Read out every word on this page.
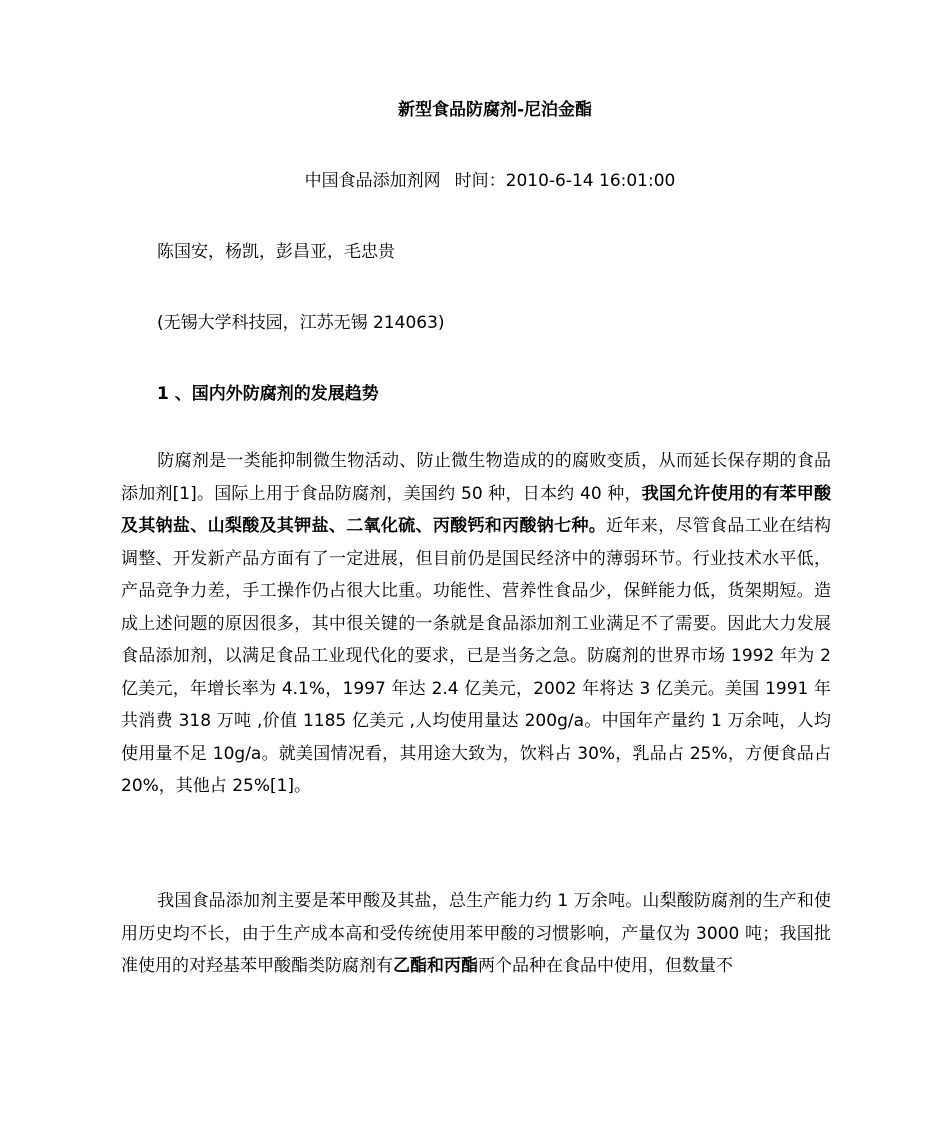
新型食品防腐剂-尼泊金酯
中国食品添加剂网 时间：2010-6-14 16:01:00
陈国安，杨凯，彭昌亚，毛忠贵
(无锡大学科技园，江苏无锡 214063)
1 、国内外防腐剂的发展趋势
防腐剂是一类能抑制微生物活动、防止微生物造成的的腐败变质，从而延长保存期的食品添加剂[1]。国际上用于食品防腐剂，美国约 50 种，日本约 40 种，我国允许使用的有苯甲酸及其钠盐、山梨酸及其钾盐、二氧化硫、丙酸钙和丙酸钠七种。近年来，尽管食品工业在结构调整、开发新产品方面有了一定进展，但目前仍是国民经济中的薄弱环节。行业技术水平低，产品竞争力差，手工操作仍占很大比重。功能性、营养性食品少，保鲜能力低，货架期短。造成上述问题的原因很多，其中很关键的一条就是食品添加剂工业满足不了需要。因此大力发展食品添加剂，以满足食品工业现代化的要求，已是当务之急。防腐剂的世界市场 1992 年为 2 亿美元，年增长率为 4.1%，1997 年达 2.4 亿美元，2002 年将达 3 亿美元。美国 1991 年共消费 318 万吨 ,价值 1185 亿美元 ,人均使用量达 200g/a。中国年产量约 1 万余吨，人均使用量不足 10g/a。就美国情况看，其用途大致为，饮料占 30%，乳品占 25%，方便食品占 20%，其他占 25%[1]。
我国食品添加剂主要是苯甲酸及其盐，总生产能力约 1 万余吨。山梨酸防腐剂的生产和使用历史均不长，由于生产成本高和受传统使用苯甲酸的习惯影响，产量仅为 3000 吨；我国批准使用的对羟基苯甲酸酯类防腐剂有乙酯和丙酯两个品种在食品中使用，但数量不
